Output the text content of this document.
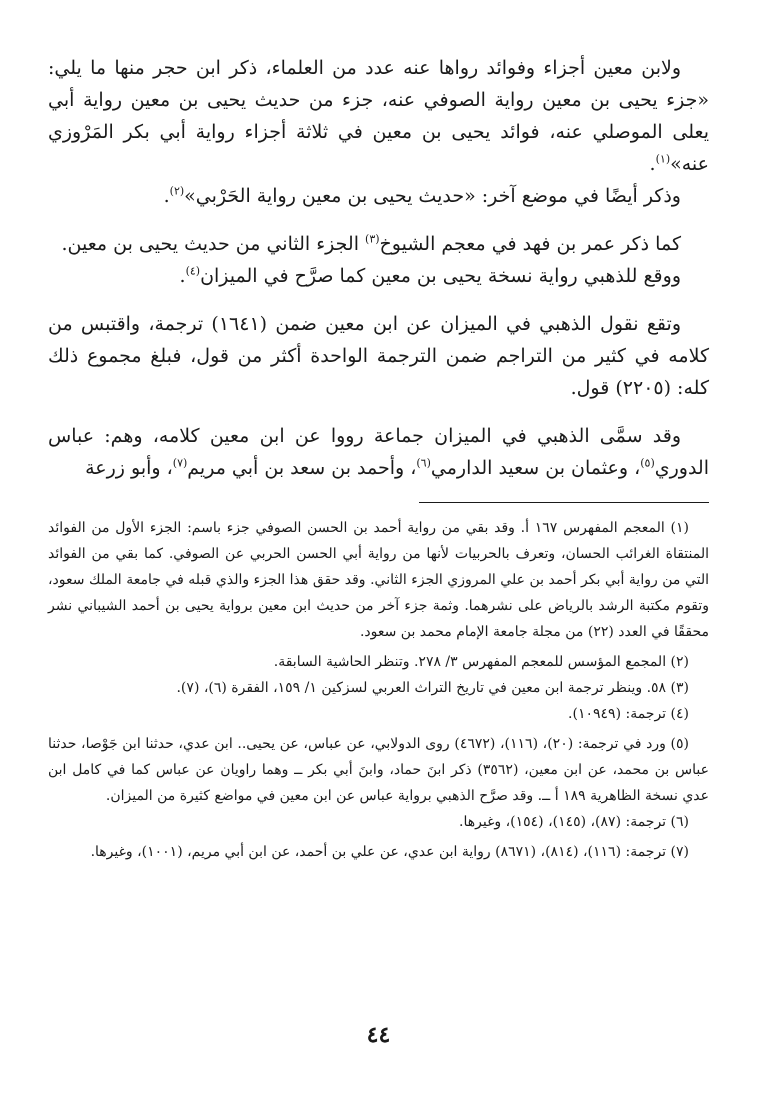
ولابن معين أجزاء وفوائد رواها عنه عدد من العلماء، ذكر ابن حجر منها ما يلي: «جزء يحيى بن معين رواية الصوفي عنه، جزء من حديث يحيى بن معين رواية أبي يعلى الموصلي عنه، فوائد يحيى بن معين في ثلاثة أجزاء رواية أبي بكر المَرْوزي عنه»$^{(١)}$.

وذكر أيضًا في موضع آخر: «حديث يحيى بن معين رواية الحَرْبي»$^{(٢)}$.

كما ذكر عمر بن فهد في معجم الشيوخ$^{(٣)}$ الجزء الثاني من حديث يحيى بن معين.

ووقع للذهبي رواية نسخة يحيى بن معين كما صرَّح في الميزان$^{(٤)}$.

وتقع نقول الذهبي في الميزان عن ابن معين ضمن (١٦٤١) ترجمة، واقتبس من كلامه في كثير من التراجم ضمن الترجمة الواحدة أكثر من قول، فبلغ مجموع ذلك كله: (٢٢٠٥) قول.

وقد سمَّى الذهبي في الميزان جماعة رووا عن ابن معين كلامه، وهم: عباس الدوري$^{(٥)}$، وعثمان بن سعيد الدارمي$^{(٦)}$، وأحمد بن سعد بن أبي مريم$^{(٧)}$، وأبو زرعة

(١) المعجم المفهرس ١٦٧ أ. وقد بقي من رواية أحمد بن الحسن الصوفي جزء باسم: الجزء الأول من الفوائد المنتقاة الغرائب الحسان، وتعرف بالحربيات لأنها من رواية أبي الحسن الحربي عن الصوفي. كما بقي من الفوائد التي من رواية أبي بكر أحمد بن علي المروزي الجزء الثاني. وقد حقق هذا الجزء والذي قبله في جامعة الملك سعود، وتقوم مكتبة الرشد بالرياض على نشرهما. وثمة جزء آخر من حديث ابن معين برواية يحيى بن أحمد الشيباني نشر محققًا في العدد (٢٢) من مجلة جامعة الإمام محمد بن سعود.

(٢) المجمع المؤسس للمعجم المفهرس ٣/ ٢٧٨. وتنظر الحاشية السابقة.

(٣) ٥٨. وينظر ترجمة ابن معين في تاريخ التراث العربي لسزكين ١/ ١٥٩، الفقرة (٦)، (٧).

(٤) ترجمة: (١٠٩٤٩).

(٥) ورد في ترجمة: (٢٠)، (١١٦)، (٤٦٧٢) روى الدولابي، عن عباس، عن يحيى.. ابن عدي، حدثنا ابن جَوْصا، حدثنا عباس بن محمد، عن ابن معين، (٣٥٦٢) ذكر ابنَ حماد، وابنَ أبي بكر ــ وهما راويان عن عباس كما في كامل ابن عدي نسخة الظاهرية ١٨٩ أ ــ. وقد صرَّح الذهبي برواية عباس عن ابن معين في مواضع كثيرة من الميزان.

(٦) ترجمة: (٨٧)، (١٤٥)، (١٥٤)، وغيرها.

(٧) ترجمة: (١١٦)، (٨١٤)، (٨٦٧١) رواية ابن عدي، عن علي بن أحمد، عن ابن أبي مريم، (١٠٠١)، وغيرها.

٤٤
